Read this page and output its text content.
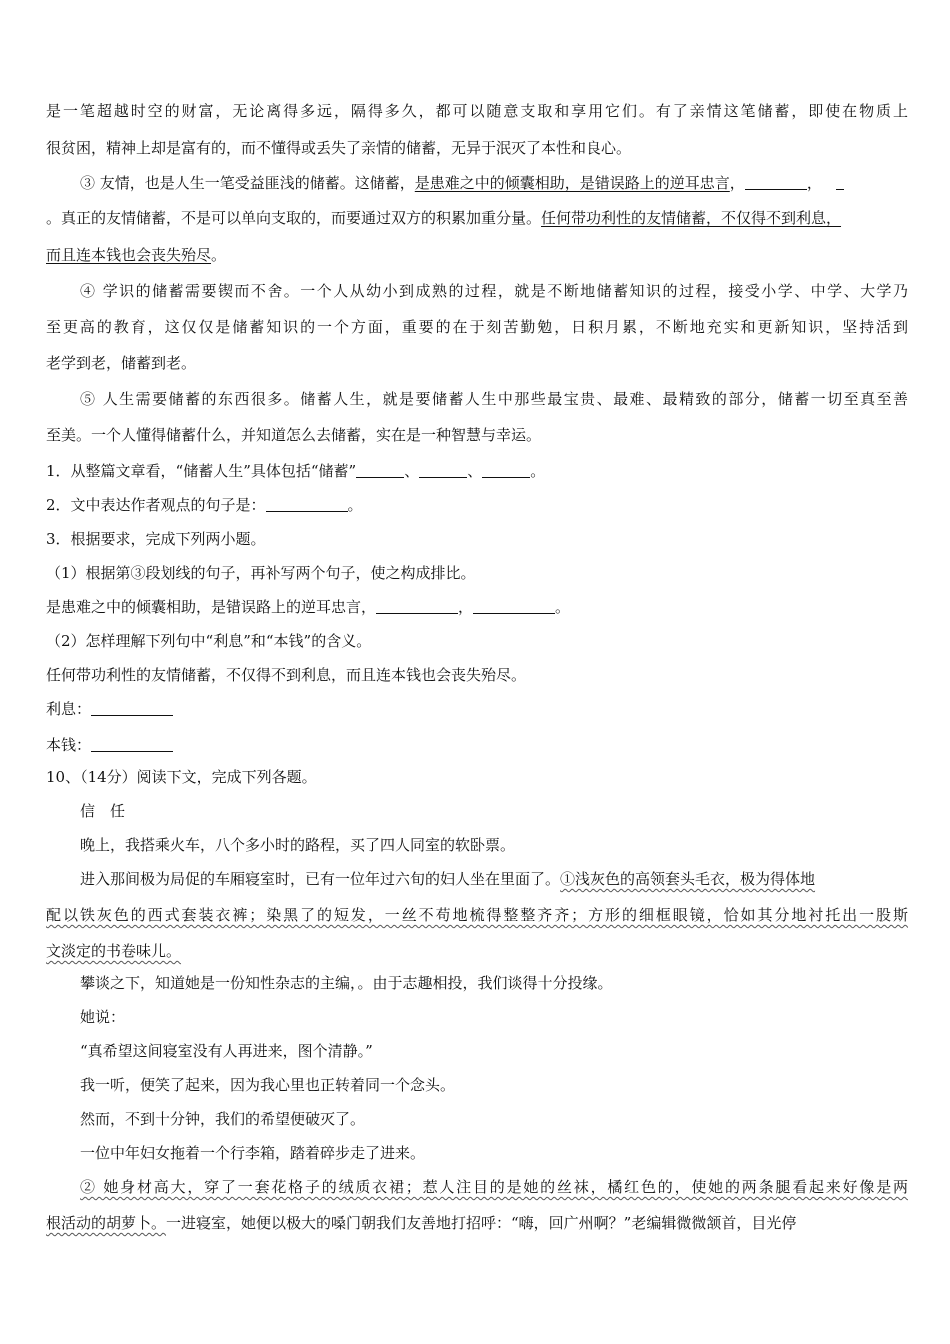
是一笔超越时空的财富，无论离得多远，隔得多久，都可以随意支取和享用它们。有了亲情这笔储蓄，即使在物质上
很贫困，精神上却是富有的，而不懂得或丢失了亲情的储蓄，无异于泯灭了本性和良心。
③ 友情，也是人生一笔受益匪浅的储蓄。这储蓄，是患难之中的倾囊相助，是错误路上的逆耳忠言，	，
。真正的友情储蓄，不是可以单向支取的，而要通过双方的积累加重分量。任何带功利性的友情储蓄，不仅得不到利息，
而且连本钱也会丧失殆尽。
④ 学识的储蓄需要锲而不舍。一个人从幼小到成熟的过程，就是不断地储蓄知识的过程，接受小学、中学、大学乃
至更高的教育，这仅仅是储蓄知识的一个方面，重要的在于刻苦勤勉，日积月累，不断地充实和更新知识，坚持活到
老学到老，储蓄到老。
⑤ 人生需要储蓄的东西很多。储蓄人生，就是要储蓄人生中那些最宝贵、最难、最精致的部分，储蓄一切至真至善
至美。一个人懂得储蓄什么，并知道怎么去储蓄，实在是一种智慧与幸运。
1．从整篇文章看，“储蓄人生”具体包括“储蓄”	、	、	。
2．文中表达作者观点的句子是：	。
3．根据要求，完成下列两小题。
（1）根据第③段划线的句子，再补写两个句子，使之构成排比。
是患难之中的倾囊相助，是错误路上的逆耳忠言，	，	。
（2）怎样理解下列句中“利息”和“本钱”的含义。
任何带功利性的友情储蓄，不仅得不到利息，而且连本钱也会丧失殆尽。
利息：
本钱：
10、（14分）阅读下文，完成下列各题。
信　任
晚上，我搭乘火车，八个多小时的路程，买了四人同室的软卧票。
进入那间极为局促的车厢寝室时，已有一位年过六旬的妇人坐在里面了。①浅灰色的高领套头毛衣，极为得体地
配以铁灰色的西式套装衣裤；染黑了的短发，一丝不苟地梳得整整齐齐；方形的细框眼镜，恰如其分地衬托出一股斯
文淡定的书卷味儿。
攀谈之下，知道她是一份知性杂志的主编，。由于志趣相投，我们谈得十分投缘。
她说：
“真希望这间寝室没有人再进来，图个清静。”
我一听，便笑了起来，因为我心里也正转着同一个念头。
然而，不到十分钟，我们的希望便破灭了。
一位中年妇女拖着一个行李箱，踏着碎步走了进来。
② 她身材高大，穿了一套花格子的绒质衣裙；惹人注目的是她的丝袜，橘红色的，使她的两条腿看起来好像是两
根活动的胡萝卜。一进寝室，她便以极大的嗓门朝我们友善地打招呼：“嗨，回广州啊？”老编辑微微颔首，目光停
